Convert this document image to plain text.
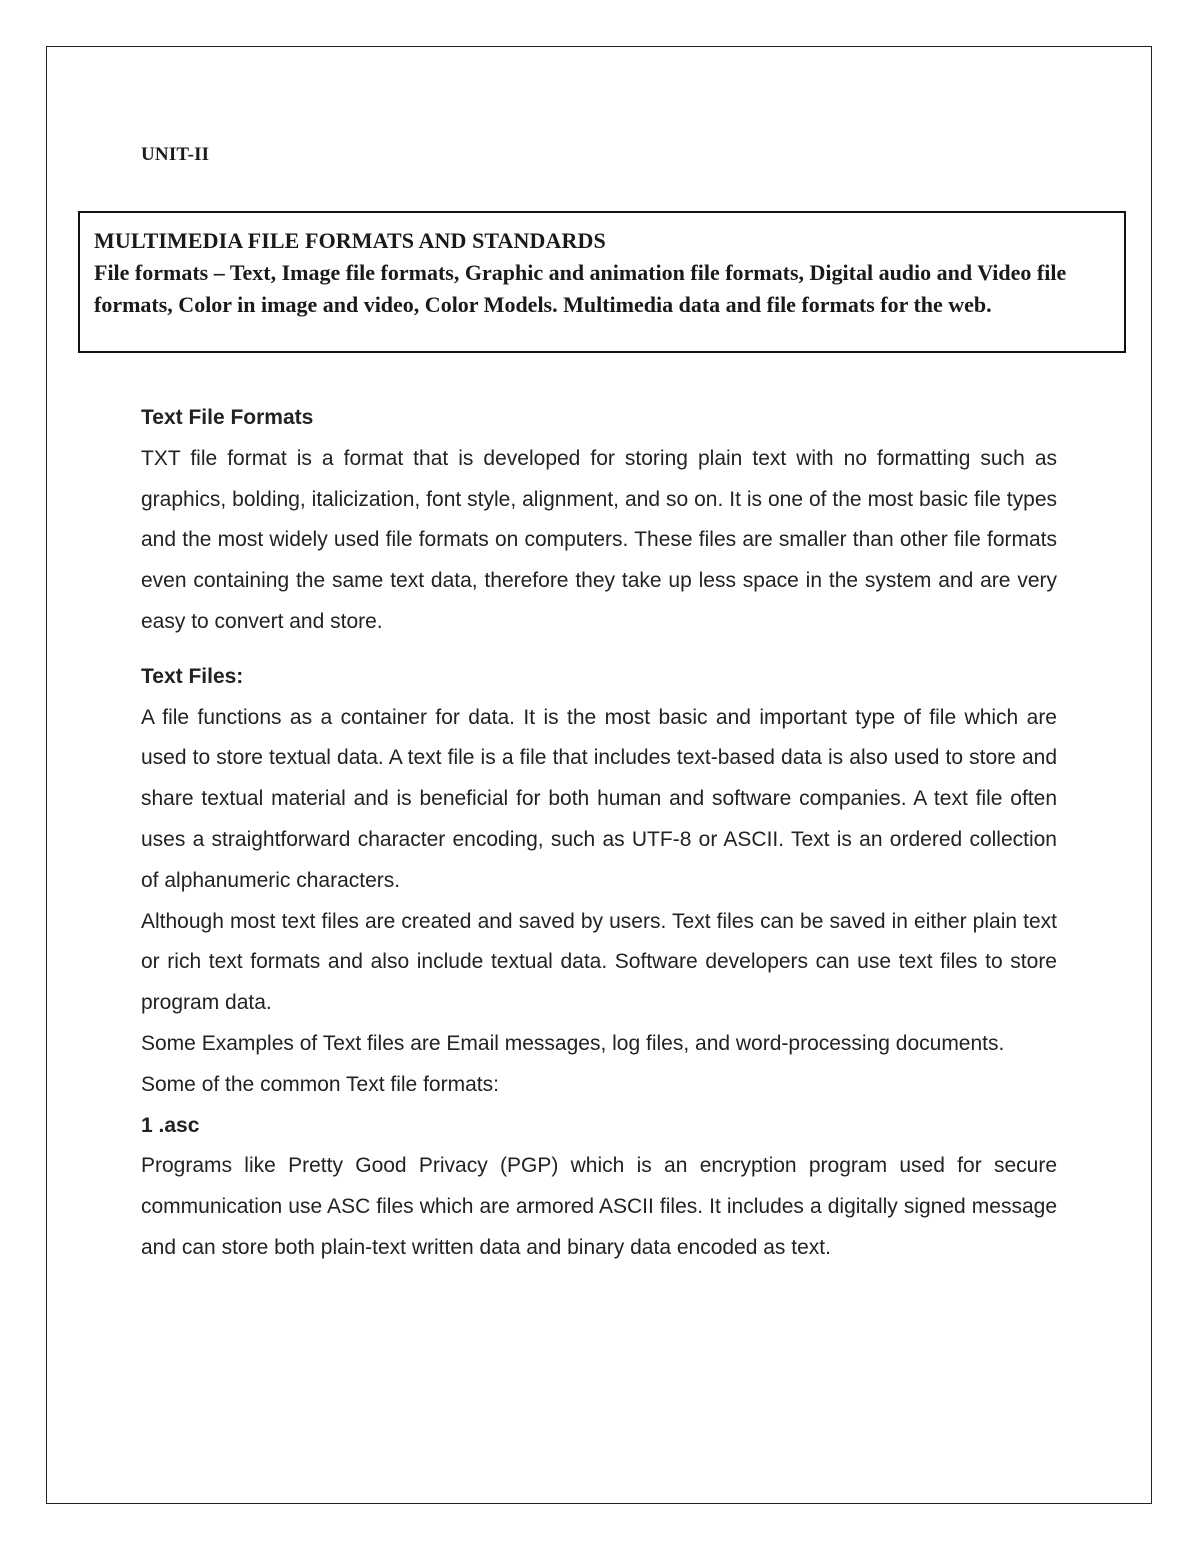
UNIT-II
MULTIMEDIA FILE FORMATS AND STANDARDS
File formats – Text, Image file formats, Graphic and animation file formats, Digital audio and Video file formats, Color in image and video, Color Models. Multimedia data and file formats for the web.

Text File Formats

TXT file format is a format that is developed for storing plain text with no formatting such as graphics, bolding, italicization, font style, alignment, and so on. It is one of the most basic file types and the most widely used file formats on computers. These files are smaller than other file formats even containing the same text data, therefore they take up less space in the system and are very easy to convert and store.

Text Files:

A file functions as a container for data. It is the most basic and important type of file which are used to store textual data. A text file is a file that includes text-based data is also used to store and share textual material and is beneficial for both human and software companies. A text file often uses a straightforward character encoding, such as UTF-8 or ASCII. Text is an ordered collection of alphanumeric characters.

Although most text files are created and saved by users. Text files can be saved in either plain text or rich text formats and also include textual data. Software developers can use text files to store program data.

Some Examples of Text files are Email messages, log files, and word-processing documents.

Some of the common Text file formats:

1 .asc

Programs like Pretty Good Privacy (PGP) which is an encryption program used for secure communication use ASC files which are armored ASCII files. It includes a digitally signed message and can store both plain-text written data and binary data encoded as text.
